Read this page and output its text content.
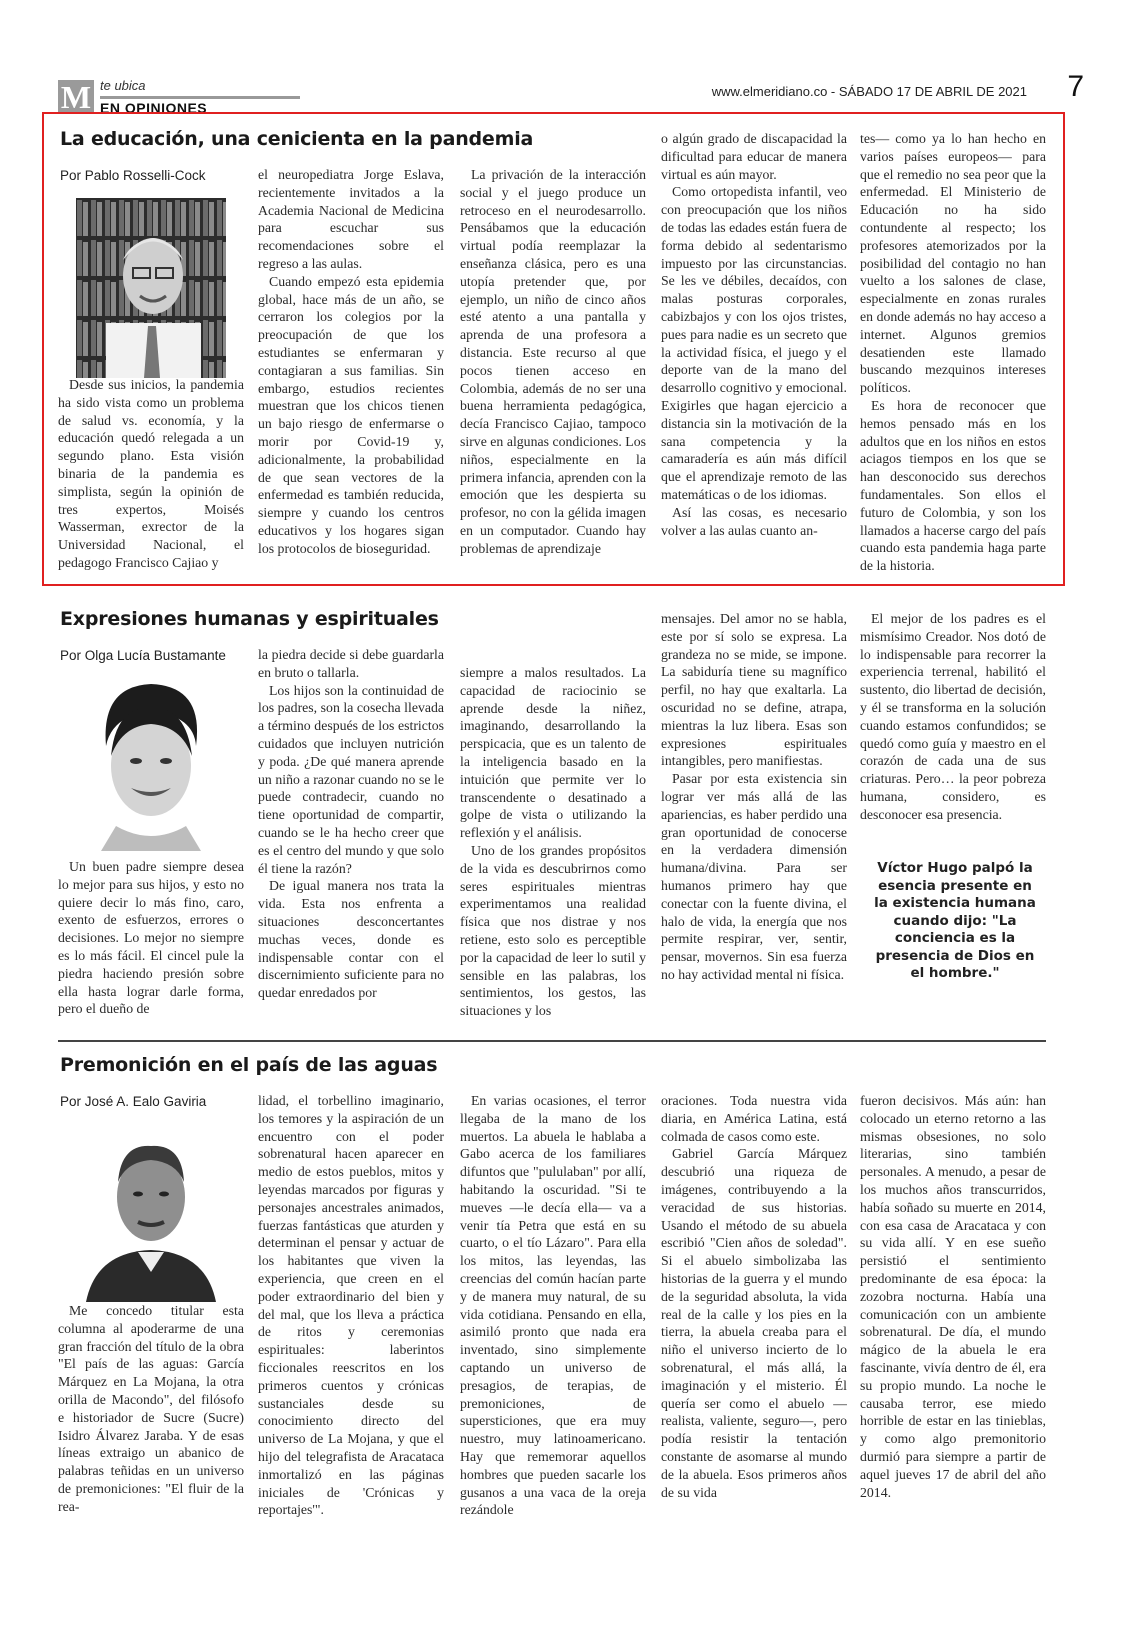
M te ubica
EN OPINIONES
www.elmeridiano.co - SÁBADO 17 DE ABRIL DE 2021 7
La educación, una cenicienta en la pandemia
Por Pablo Rosselli-Cock

Desde sus inicios, la pandemia ha sido vista como un problema de salud vs. economía, y la educación quedó relegada a un segundo plano. Esta visión binaria de la pandemia es simplista, según la opinión de tres expertos, Moisés Wasserman, exrector de la Universidad Nacional, el pedagogo Francisco Cajiao y

el neuropediatra Jorge Eslava, recientemente invitados a la Academia Nacional de Medicina para escuchar sus recomendaciones sobre el regreso a las aulas.

Cuando empezó esta epidemia global, hace más de un año, se cerraron los colegios por la preocupación de que los estudiantes se enfermaran y contagiaran a sus familias. Sin embargo, estudios recientes muestran que los chicos tienen un bajo riesgo de enfermarse o morir por Covid-19 y, adicionalmente, la probabilidad de que sean vectores de la enfermedad es también reducida, siempre y cuando los centros educativos y los hogares sigan los protocolos de bioseguridad.

La privación de la interacción social y el juego produce un retroceso en el neurodesarrollo. Pensábamos que la educación virtual podía reemplazar la enseñanza clásica, pero es una utopía pretender que, por ejemplo, un niño de cinco años esté atento a una pantalla y aprenda de una profesora a distancia. Este recurso al que pocos tienen acceso en Colombia, además de no ser una buena herramienta pedagógica, decía Francisco Cajiao, tampoco sirve en algunas condiciones. Los niños, especialmente en la primera infancia, aprenden con la emoción que les despierta su profesor, no con la gélida imagen en un computador. Cuando hay problemas de aprendizaje

o algún grado de discapacidad la dificultad para educar de manera virtual es aún mayor.

Como ortopedista infantil, veo con preocupación que los niños de todas las edades están fuera de forma debido al sedentarismo impuesto por las circunstancias. Se les ve débiles, decaídos, con malas posturas corporales, cabizbajos y con los ojos tristes, pues para nadie es un secreto que la actividad física, el juego y el deporte van de la mano del desarrollo cognitivo y emocional. Exigirles que hagan ejercicio a distancia sin la motivación de la sana competencia y la camaradería es aún más difícil que el aprendizaje remoto de las matemáticas o de los idiomas.

Así las cosas, es necesario volver a las aulas cuanto an-

tes— como ya lo han hecho en varios países europeos— para que el remedio no sea peor que la enfermedad. El Ministerio de Educación no ha sido contundente al respecto; los profesores atemorizados por la posibilidad del contagio no han vuelto a los salones de clase, especialmente en zonas rurales en donde además no hay acceso a internet. Algunos gremios desatienden este llamado buscando mezquinos intereses políticos.

Es hora de reconocer que hemos pensado más en los adultos que en los niños en estos aciagos tiempos en los que se han desconocido sus derechos fundamentales. Son ellos el futuro de Colombia, y son los llamados a hacerse cargo del país cuando esta pandemia haga parte de la historia.

Expresiones humanas y espirituales
Por Olga Lucía Bustamante

Un buen padre siempre desea lo mejor para sus hijos, y esto no quiere decir lo más fino, caro, exento de esfuerzos, errores o decisiones. Lo mejor no siempre es lo más fácil. El cincel pule la piedra haciendo presión sobre ella hasta lograr darle forma, pero el dueño de

la piedra decide si debe guardarla en bruto o tallarla.

Los hijos son la continuidad de los padres, son la cosecha llevada a término después de los estrictos cuidados que incluyen nutrición y poda. ¿De qué manera aprende un niño a razonar cuando no se le puede contradecir, cuando no tiene oportunidad de compartir, cuando se le ha hecho creer que es el centro del mundo y que solo él tiene la razón?

De igual manera nos trata la vida. Esta nos enfrenta a situaciones desconcertantes muchas veces, donde es indispensable contar con el discernimiento suficiente para no quedar enredados por

siempre a malos resultados. La capacidad de raciocinio se aprende desde la niñez, imaginando, desarrollando la perspicacia, que es un talento de la inteligencia basado en la intuición que permite ver lo transcendente o desatinado a golpe de vista o utilizando la reflexión y el análisis.

Uno de los grandes propósitos de la vida es descubrirnos como seres espirituales mientras experimentamos una realidad física que nos distrae y nos retiene, esto solo es perceptible por la capacidad de leer lo sutil y sensible en las palabras, los sentimientos, los gestos, las situaciones y los

mensajes. Del amor no se habla, este por sí solo se expresa. La grandeza no se mide, se impone. La sabiduría tiene su magnífico perfil, no hay que exaltarla. La oscuridad no se define, atrapa, mientras la luz libera. Esas son expresiones espirituales intangibles, pero manifiestas.

Pasar por esta existencia sin lograr ver más allá de las apariencias, es haber perdido una gran oportunidad de conocerse en la verdadera dimensión humana/divina. Para ser humanos primero hay que conectar con la fuente divina, el halo de vida, la energía que nos permite respirar, ver, sentir, pensar, movernos. Sin esa fuerza no hay actividad mental ni física.

El mejor de los padres es el mismísimo Creador. Nos dotó de lo indispensable para recorrer la experiencia terrenal, habilitó el sustento, dio libertad de decisión, y él se transforma en la solución cuando estamos confundidos; se quedó como guía y maestro en el corazón de cada una de sus criaturas. Pero… la peor pobreza humana, considero, es desconocer esa presencia.

Víctor Hugo palpó la esencia presente en la existencia humana cuando dijo: "La conciencia es la presencia de Dios en el hombre."
Premonición en el país de las aguas
Por José A. Ealo Gaviria

Me concedo titular esta columna al apoderarme de una gran fracción del título de la obra "El país de las aguas: García Márquez en La Mojana, la otra orilla de Macondo", del filósofo e historiador de Sucre (Sucre) Isidro Álvarez Jaraba. Y de esas líneas extraigo un abanico de palabras teñidas en un universo de premoniciones: "El fluir de la rea-

lidad, el torbellino imaginario, los temores y la aspiración de un encuentro con el poder sobrenatural hacen aparecer en medio de estos pueblos, mitos y leyendas marcados por figuras y personajes ancestrales animados, fuerzas fantásticas que aturden y determinan el pensar y actuar de los habitantes que viven la experiencia, que creen en el poder extraordinario del bien y del mal, que los lleva a práctica de ritos y ceremonias espirituales: laberintos ficcionales reescritos en los primeros cuentos y crónicas sustanciales desde su conocimiento directo del universo de La Mojana, y que el hijo del telegrafista de Aracataca inmortalizó en las páginas iniciales de 'Crónicas y reportajes'".

En varias ocasiones, el terror llegaba de la mano de los muertos. La abuela le hablaba a Gabo acerca de los familiares difuntos que "pululaban" por allí, habitando la oscuridad. "Si te mueves —le decía ella— va a venir tía Petra que está en su cuarto, o el tío Lázaro". Para ella los mitos, las leyendas, las creencias del común hacían parte y de manera muy natural, de su vida cotidiana. Pensando en ella, asimiló pronto que nada era inventado, sino simplemente captando un universo de presagios, de terapias, de premoniciones, de supersticiones, que era muy nuestro, muy latinoamericano. Hay que rememorar aquellos hombres que pueden sacarle los gusanos a una vaca de la oreja rezándole

oraciones. Toda nuestra vida diaria, en América Latina, está colmada de casos como este.

Gabriel García Márquez descubrió una riqueza de imágenes, contribuyendo a la veracidad de sus historias. Usando el método de su abuela escribió "Cien años de soledad". Si el abuelo simbolizaba las historias de la guerra y el mundo de la seguridad absoluta, la vida real de la calle y los pies en la tierra, la abuela creaba para el niño el universo incierto de lo sobrenatural, el más allá, la imaginación y el misterio. Él quería ser como el abuelo —realista, valiente, seguro—, pero podía resistir la tentación constante de asomarse al mundo de la abuela. Esos primeros años de su vida

fueron decisivos. Más aún: han colocado un eterno retorno a las mismas obsesiones, no solo literarias, sino también personales. A menudo, a pesar de los muchos años transcurridos, había soñado su muerte en 2014, con esa casa de Aracataca y con su vida allí. Y en ese sueño persistió el sentimiento predominante de esa época: la zozobra nocturna. Había una comunicación con un ambiente sobrenatural. De día, el mundo mágico de la abuela le era fascinante, vivía dentro de él, era su propio mundo. La noche le causaba terror, ese miedo horrible de estar en las tinieblas, y como algo premonitorio durmió para siempre a partir de aquel jueves 17 de abril del año 2014.
